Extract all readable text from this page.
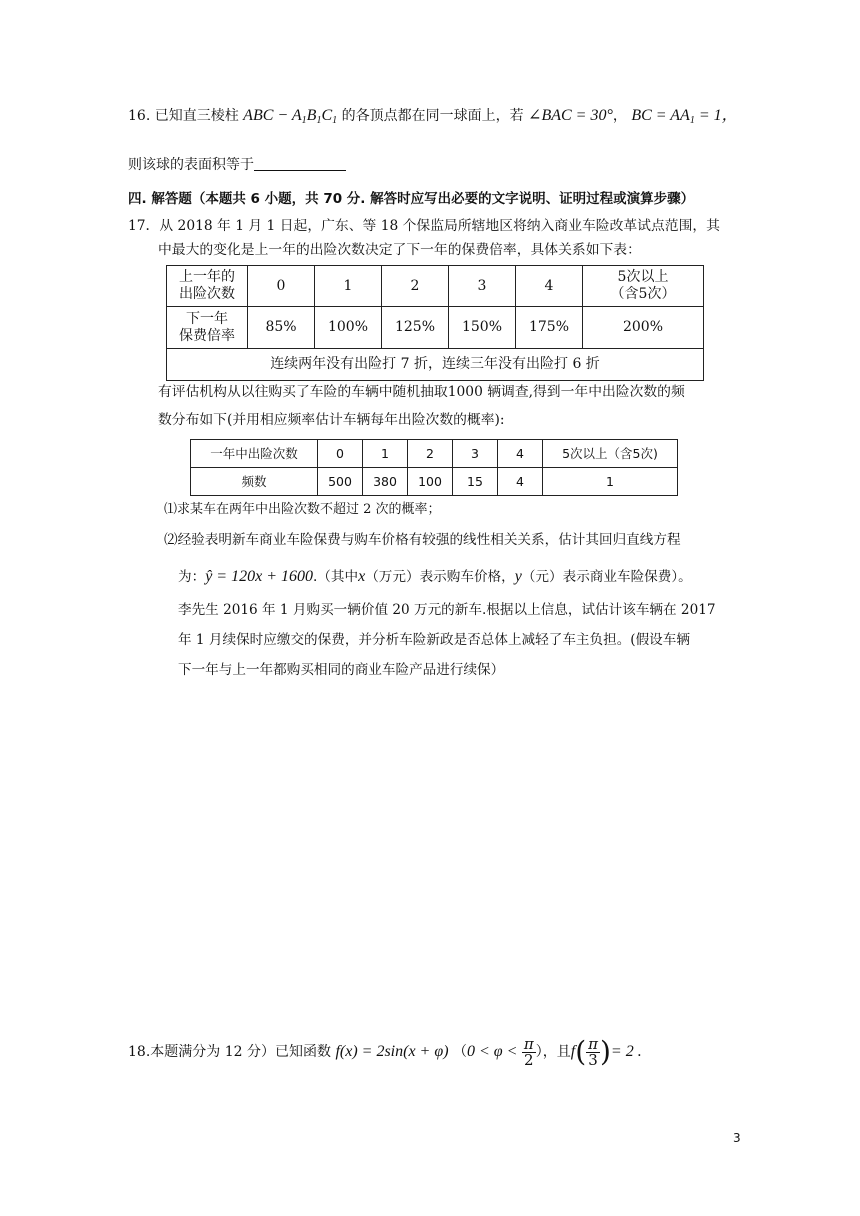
16. 已知直三棱柱 ABC − $A_1B_1C_1$ 的各顶点都在同一球面上，若 ∠BAC = 30°， BC = $AA_1 = 1$，
则该球的表面积等于
四. 解答题（本题共 6 小题，共 70 分. 解答时应写出必要的文字说明、证明过程或演算步骤）
17．从 2018 年 1 月 1 日起，广东、等 18 个保监局所辖地区将纳入商业车险改革试点范围，其
中最大的变化是上一年的出险次数决定了下一年的保费倍率，具体关系如下表：
上一年的
出险次数	0	1	2	3	4	5次以上
（含5次）
下一年
保费倍率	85%	100%	125%	150%	175%	200%
连续两年没有出险打 7 折，连续三年没有出险打 6 折						
有评估机构从以往购买了车险的车辆中随机抽取1000 辆调查,得到一年中出险次数的频
数分布如下(并用相应频率估计车辆每年出险次数的概率):
一年中出险次数	0	1	2	3	4	5次以上（含5次)
频数	500	380	100	15	4	1
⑴求某车在两年中出险次数不超过 2 次的概率；
⑵经验表明新车商业车险保费与购车价格有较强的线性相关关系，估计其回归直线方程
为：ŷ = 120x + 1600.（其中x（万元）表示购车价格，y（元）表示商业车险保费）。
李先生 2016 年 1 月购买一辆价值 20 万元的新车.根据以上信息，试估计该车辆在 2017
年 1 月续保时应缴交的保费，并分析车险新政是否总体上减轻了车主负担。(假设车辆
下一年与上一年都购买相同的商业车险产品进行续保）
18.本题满分为 12 分）已知函数 f(x) = 2sin(x + φ) （$0 < \varphi < \frac{\pi}{2}$ ），且$f( \frac{\pi}{3}$ )= 2 .
3
